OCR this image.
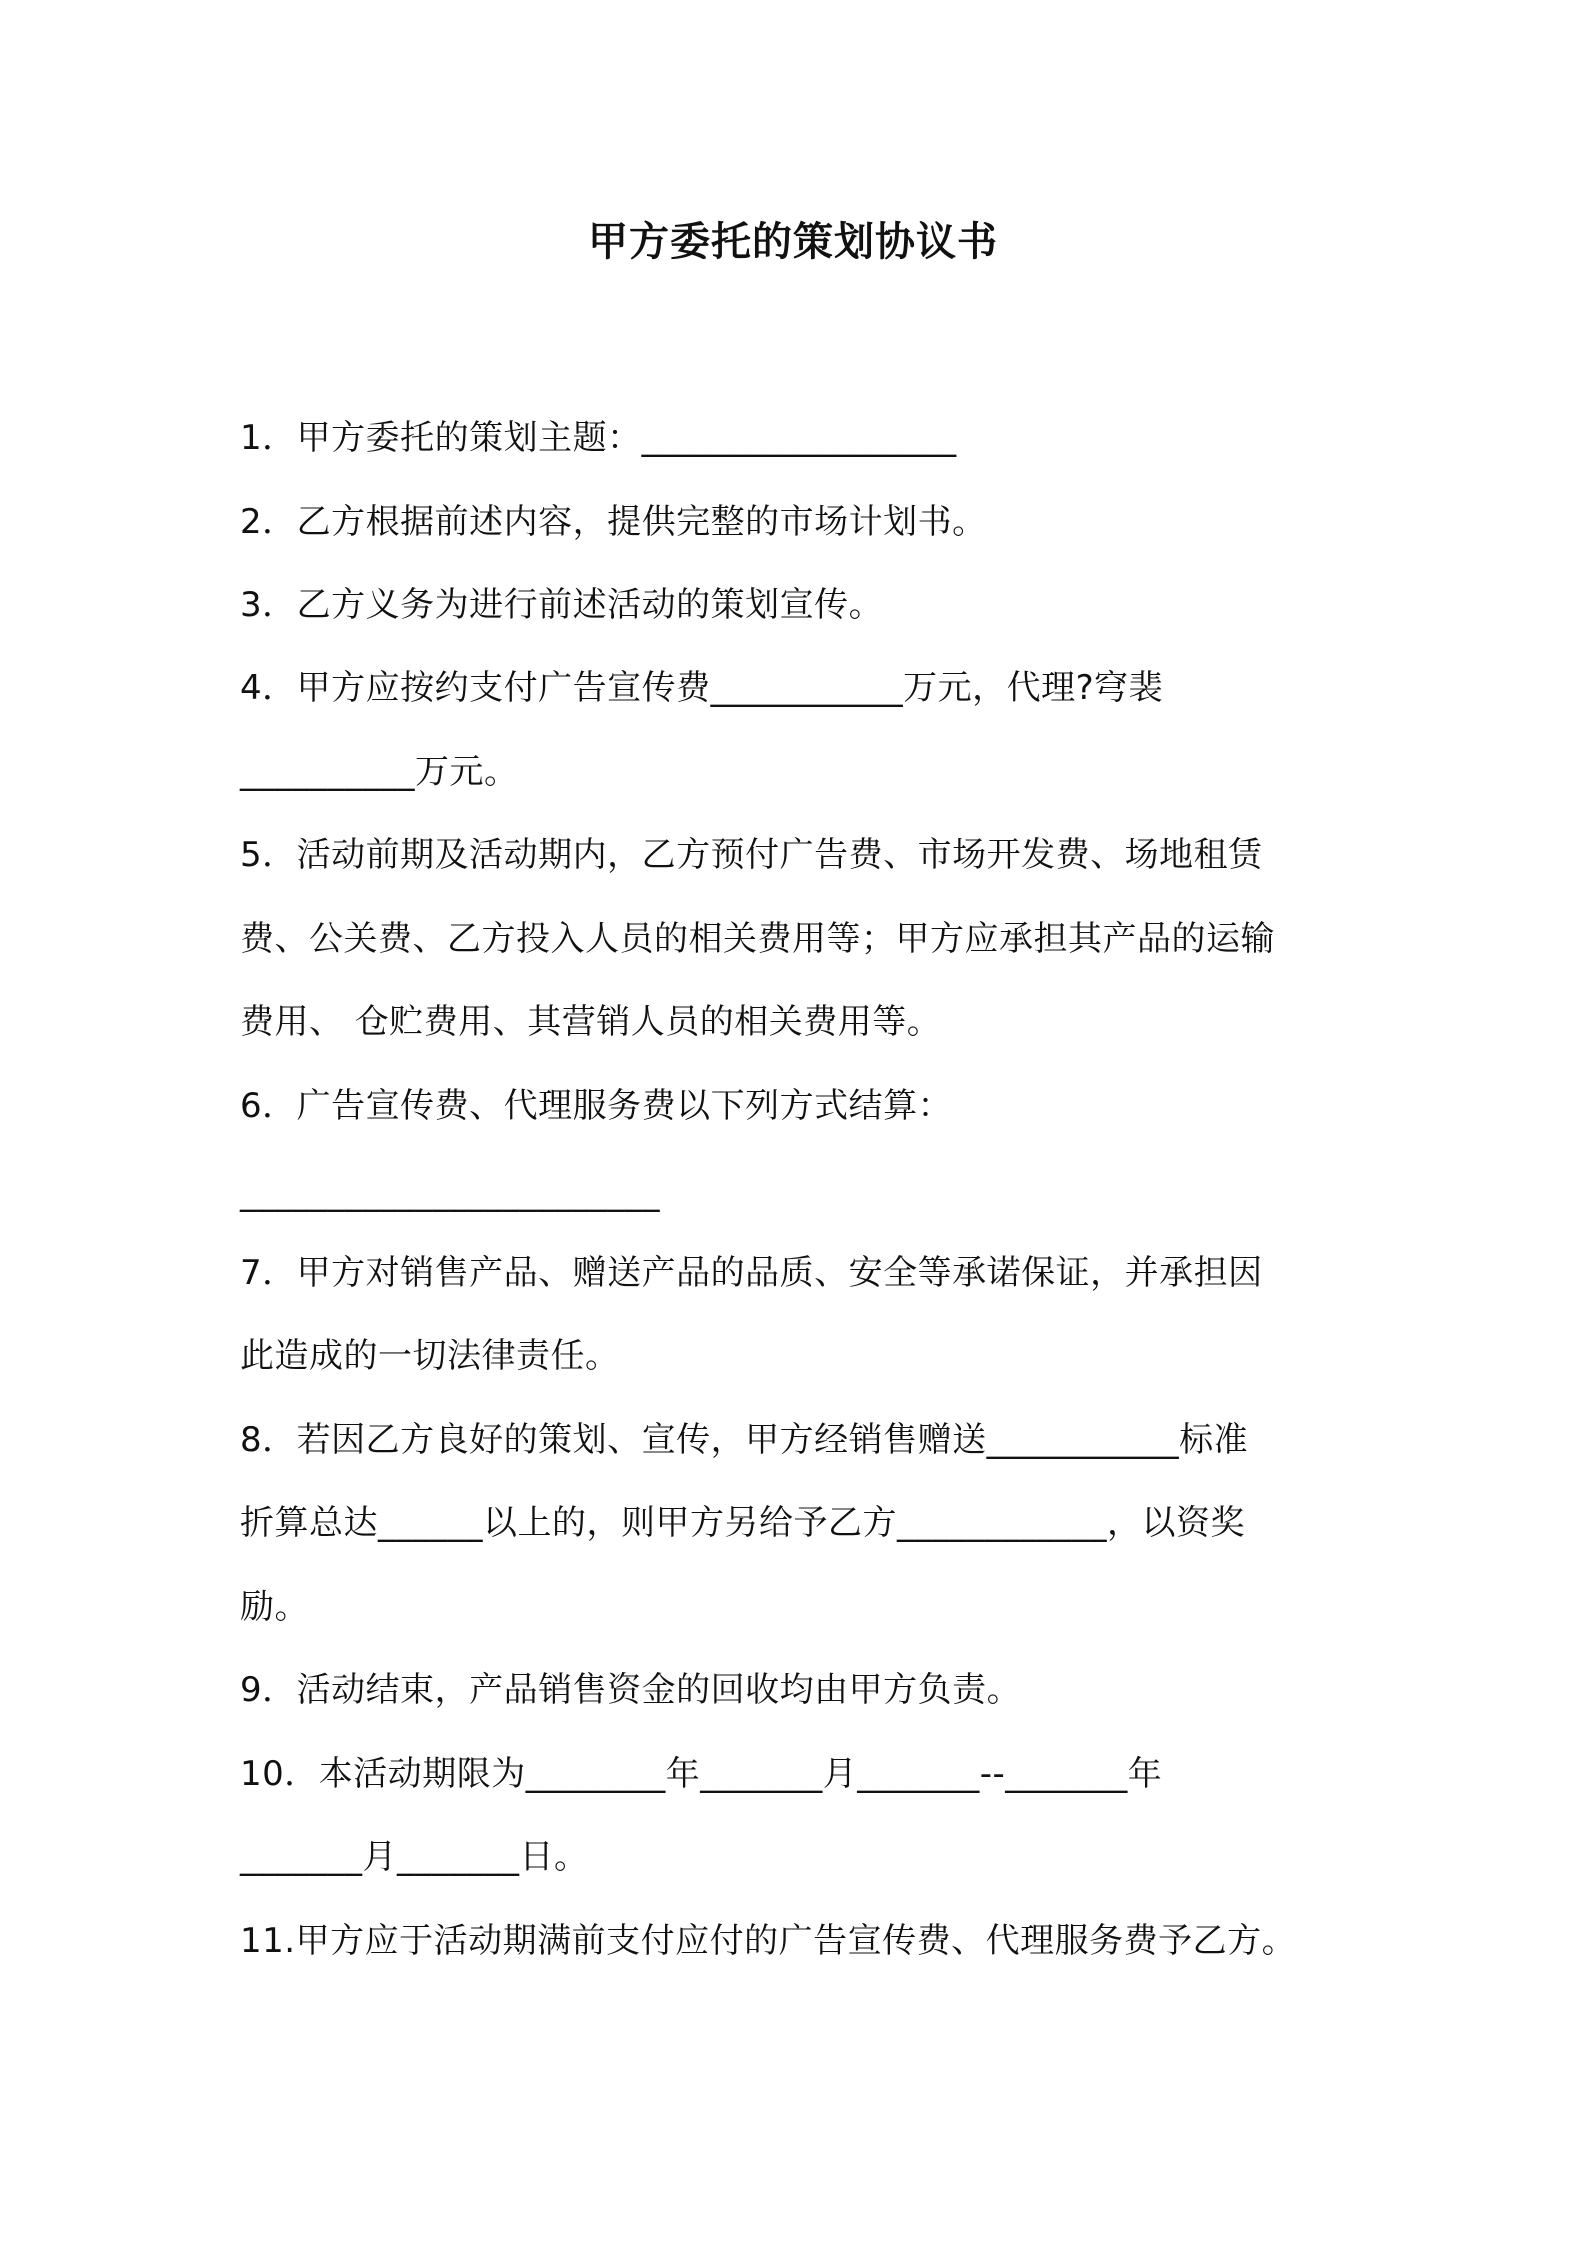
甲方委托的策划协议书
1．甲方委托的策划主题：__________________
2．乙方根据前述内容，提供完整的市场计划书。
3．乙方义务为进行前述活动的策划宣传。
4．甲方应按约支付广告宣传费___________万元，代理?穹裴
__________万元。
5．活动前期及活动期内，乙方预付广告费、市场开发费、场地租赁
费、公关费、乙方投入人员的相关费用等；甲方应承担其产品的运输
费用、 仓贮费用、其营销人员的相关费用等。
6．广告宣传费、代理服务费以下列方式结算：
________________________
7．甲方对销售产品、赠送产品的品质、安全等承诺保证，并承担因
此造成的一切法律责任。
8．若因乙方良好的策划、宣传，甲方经销售赠送___________标准
折算总达______以上的，则甲方另给予乙方____________，以资奖
励。
9．活动结束，产品销售资金的回收均由甲方负责。
10．本活动期限为________年_______月_______--_______年
_______月_______日。
11.甲方应于活动期满前支付应付的广告宣传费、代理服务费予乙方。
